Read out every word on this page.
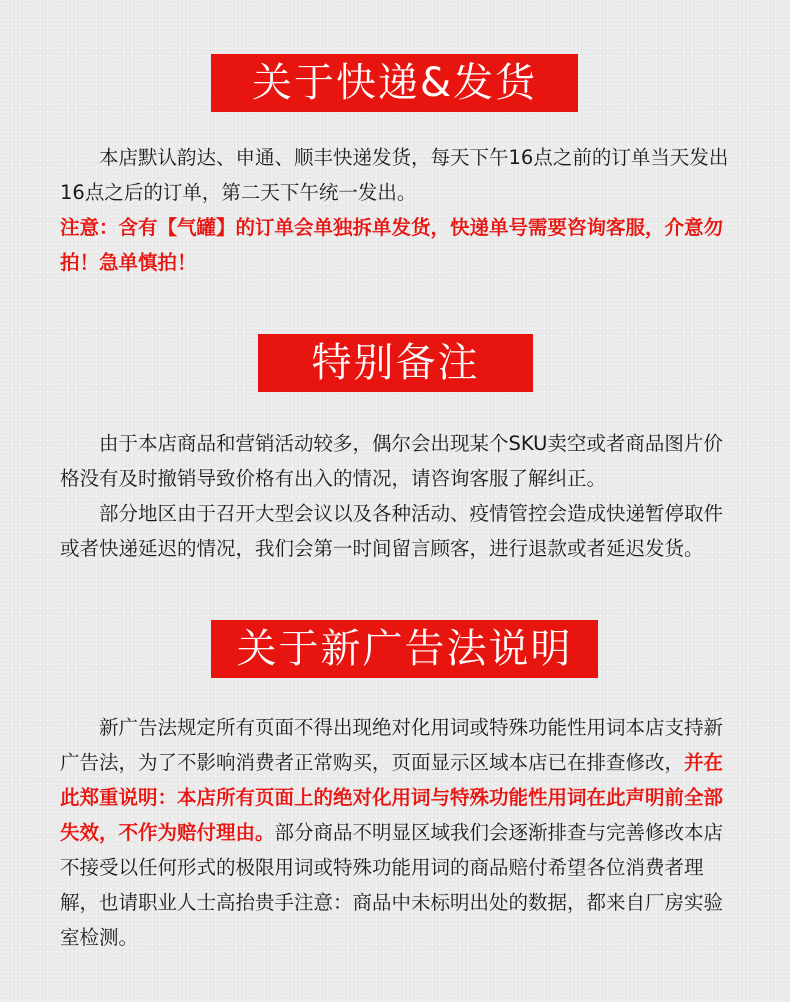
关于快递&发货

本店默认韵达、申通、顺丰快递发货，每天下午16点之前的订单当天发出16点之后的订单，第二天下午统一发出。

注意：含有【气罐】的订单会单独拆单发货，快递单号需要咨询客服，介意勿拍！急单慎拍！

特别备注

由于本店商品和营销活动较多，偶尔会出现某个SKU卖空或者商品图片价格没有及时撤销导致价格有出入的情况，请咨询客服了解纠正。

部分地区由于召开大型会议以及各种活动、疫情管控会造成快递暂停取件或者快递延迟的情况，我们会第一时间留言顾客，进行退款或者延迟发货。

关于新广告法说明

新广告法规定所有页面不得出现绝对化用词或特殊功能性用词本店支持新广告法，为了不影响消费者正常购买，页面显示区域本店已在排查修改，并在此郑重说明：本店所有页面上的绝对化用词与特殊功能性用词在此声明前全部失效，不作为赔付理由。部分商品不明显区域我们会逐渐排查与完善修改本店不接受以任何形式的极限用词或特殊功能用词的商品赔付希望各位消费者理解，也请职业人士高抬贵手注意：商品中未标明出处的数据，都来自厂房实验室检测。
